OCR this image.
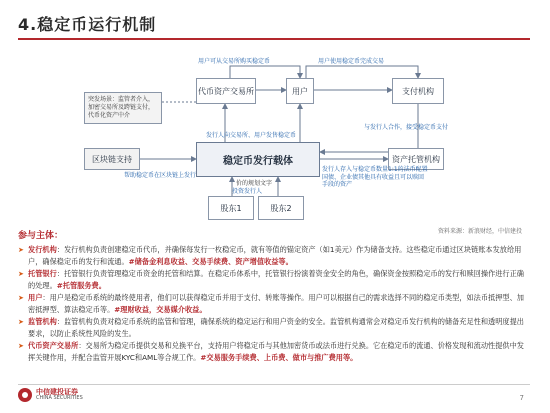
4.稳定币运行机制
突发场景：监管者介入，加密交易所及跨链支付，代币化资产中介
代币资产交易所	用户	支付机构
区块链支持	稳定币发行载体	资产托管机构
股东1	股东2
用户可从交易所购买稳定币	用户使用稳定币完成交易
发行人向交易所、用户发售稳定币
与发行人合作，接受稳定币支付
帮助稳定币在区块链上发行
发行人存入与稳定币数量1:1的法币配置国债、企业债其他具有收益且可以赎回手段的资产
价的规划文字
投资发行人
资料来源：新浪财经，中信建投
参与主体：
➤ 发行机构：发行机构负责创建稳定币代币，并确保每发行一枚稳定币，就有等值的锚定资产（如1美元）作为储备支持。这些稳定币通过区块链账本发放给用户，确保稳定币的发行和流通。#储备金利息收益、交易手续费、资产增值收益等。
➤ 托管银行：托管银行负责管理稳定币资金的托管和结算。在稳定币体系中，托管银行扮演着资金安全的角色，确保资金按照稳定币的发行和赎回操作进行正确的处理。#托管服务费。
➤ 用户：用户是稳定币系统的最终使用者，他们可以获得稳定币并用于支付、转账等操作。用户可以根据自己的需求选择不同的稳定币类型，如法币抵押型、加密抵押型、算法稳定币等。#理财收益，交易媒介收益。
➤ 监管机构：监管机构负责对稳定币系统的监管和管理，确保系统的稳定运行和用户资金的安全。监管机构通常会对稳定币发行机构的储备充足性和透明度提出要求，以防止系统性风险的发生。
➤ 代币资产交易所：交易所为稳定币提供交易和兑换平台，支持用户将稳定币与其他加密货币或法币进行兑换。它在稳定币的流通、价格发现和流动性提供中发挥关键作用，并配合监管开展KYC和AML等合规工作。#交易服务手续费、上币费、做市与推广费用等。
中信建投证券
CHINA SECURITIES	7
